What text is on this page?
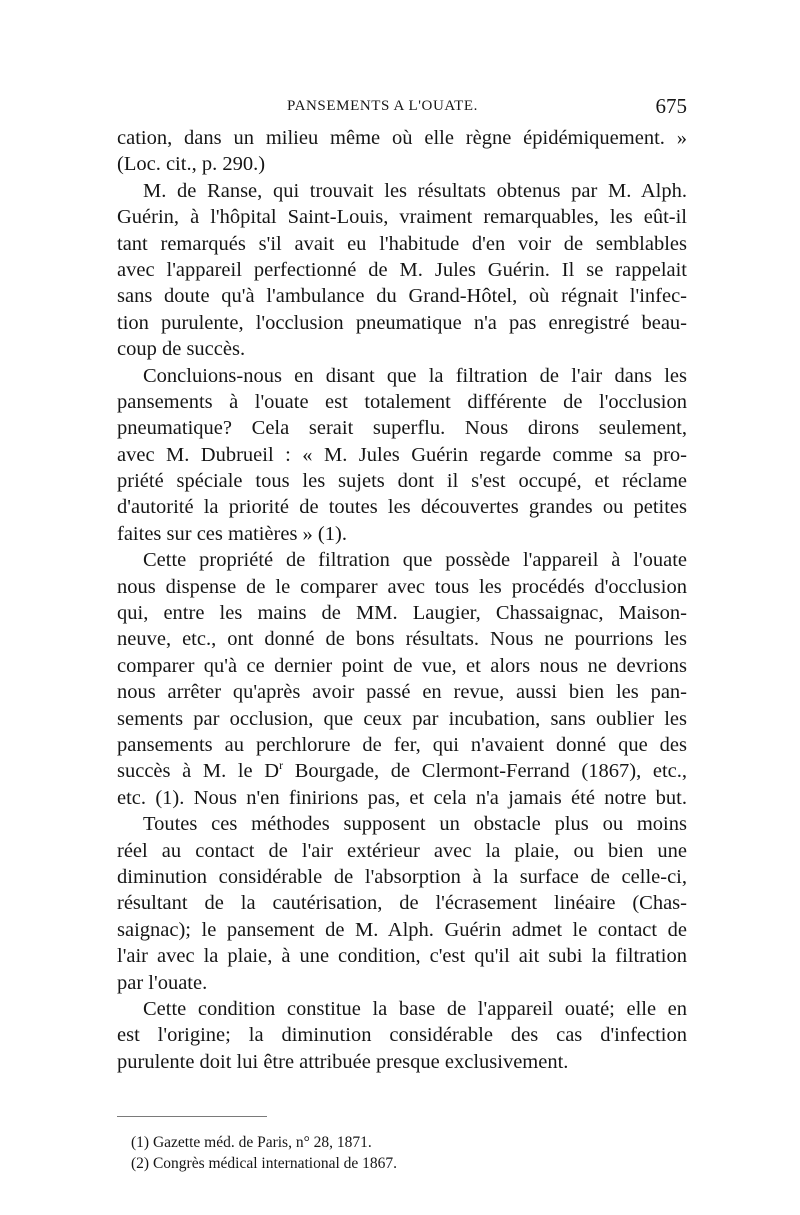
PANSEMENTS A L'OUATE.	675
cation, dans un milieu même où elle règne épidémiquement. »
(Loc. cit., p. 290.)
M. de Ranse, qui trouvait les résultats obtenus par M. Alph.
Guérin, à l'hôpital Saint-Louis, vraiment remarquables, les eût-il
tant remarqués s'il avait eu l'habitude d'en voir de semblables
avec l'appareil perfectionné de M. Jules Guérin. Il se rappelait
sans doute qu'à l'ambulance du Grand-Hôtel, où régnait l'infec-
tion purulente, l'occlusion pneumatique n'a pas enregistré beau-
coup de succès.
Concluions-nous en disant que la filtration de l'air dans les
pansements à l'ouate est totalement différente de l'occlusion
pneumatique? Cela serait superflu. Nous dirons seulement,
avec M. Dubrueil : « M. Jules Guérin regarde comme sa pro-
priété spéciale tous les sujets dont il s'est occupé, et réclame
d'autorité la priorité de toutes les découvertes grandes ou petites
faites sur ces matières » (1).
Cette propriété de filtration que possède l'appareil à l'ouate
nous dispense de le comparer avec tous les procédés d'occlusion
qui, entre les mains de MM. Laugier, Chassaignac, Maison-
neuve, etc., ont donné de bons résultats. Nous ne pourrions les
comparer qu'à ce dernier point de vue, et alors nous ne devrions
nous arrêter qu'après avoir passé en revue, aussi bien les pan-
sements par occlusion, que ceux par incubation, sans oublier les
pansements au perchlorure de fer, qui n'avaient donné que des
succès à M. le $D^r$ Bourgade, de Clermont-Ferrand (1867), etc.,
etc. (1). Nous n'en finirions pas, et cela n'a jamais été notre but.
Toutes ces méthodes supposent un obstacle plus ou moins
réel au contact de l'air extérieur avec la plaie, ou bien une
diminution considérable de l'absorption à la surface de celle-ci,
résultant de la cautérisation, de l'écrasement linéaire (Chas-
saignac); le pansement de M. Alph. Guérin admet le contact de
l'air avec la plaie, à une condition, c'est qu'il ait subi la filtration
par l'ouate.
Cette condition constitue la base de l'appareil ouaté; elle en
est l'origine; la diminution considérable des cas d'infection
purulente doit lui être attribuée presque exclusivement.
(1) Gazette méd. de Paris, n° 28, 1871.
(2) Congrès médical international de 1867.
